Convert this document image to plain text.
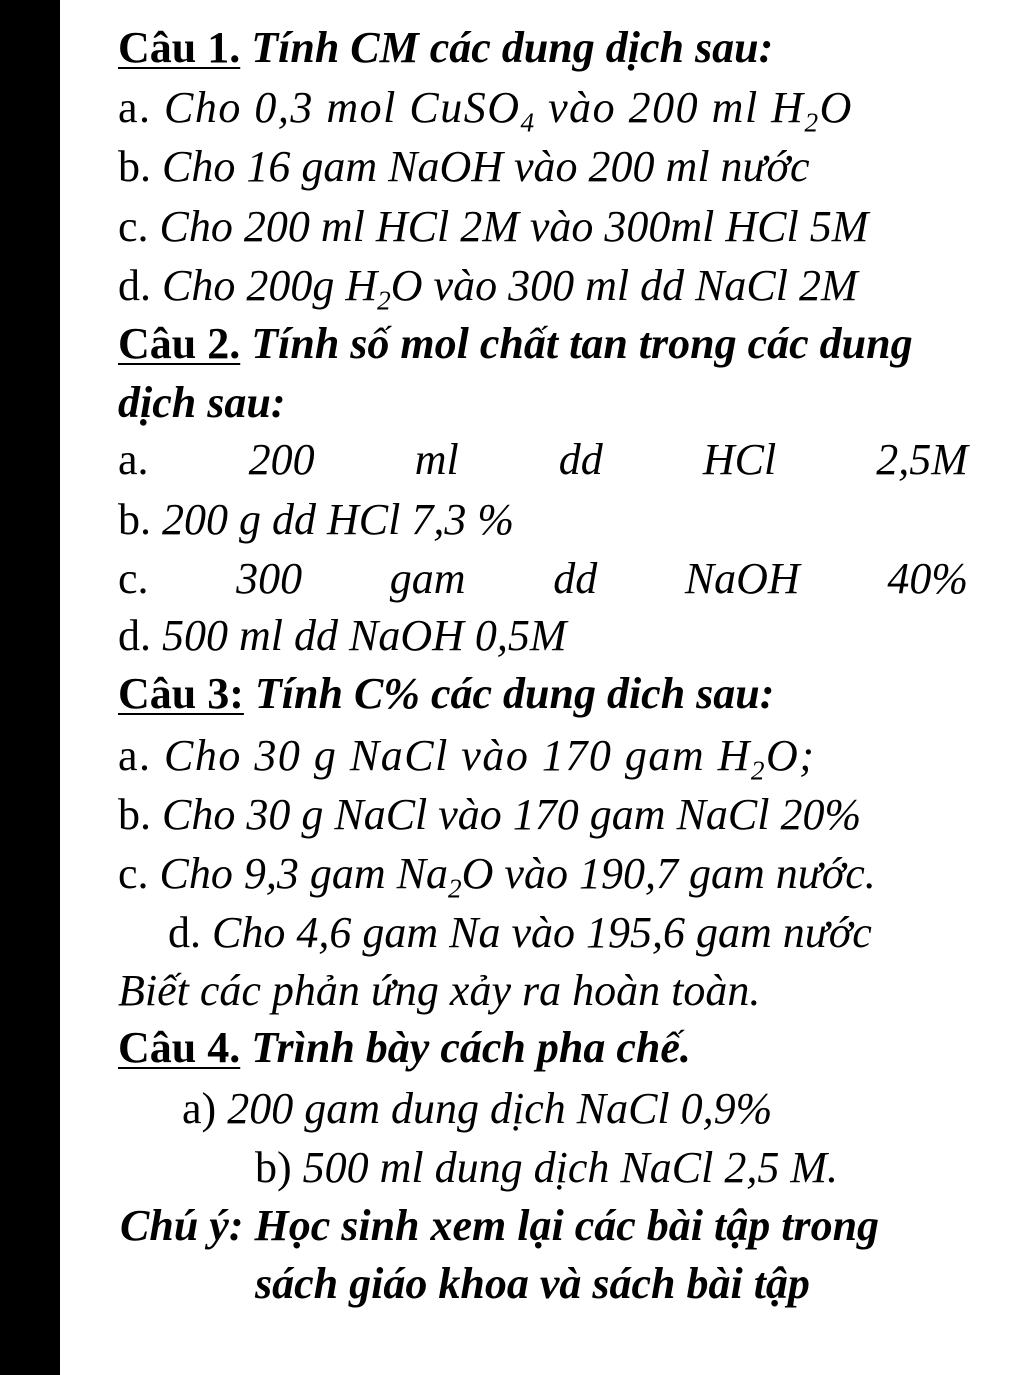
Câu 1. Tính CM các dung dịch sau:
a. Cho 0,3 mol CuSO$_4$ vào 200 ml $H_2O$
b. Cho 16 gam NaOH vào 200 ml nước
c. Cho 200 ml HCl 2M vào 300ml HCl 5M
d. Cho 200g $H_2O$ vào 300 ml dd NaCl 2M
Câu 2. Tính số mol chất tan trong các dung
dịch sau:
a. 200 ml dd HCl 2,5M
b. 200 g dd HCl 7,3 %
c. 300 gam dd NaOH 40%
d. 500 ml dd NaOH 0,5M
Câu 3: Tính C% các dung dich sau:
a. Cho 30 g NaCl vào 170 gam $H_2O$;
b. Cho 30 g NaCl vào 170 gam NaCl 20%
c. Cho 9,3 gam $Na_2O$ vào 190,7 gam nước.
d. Cho 4,6 gam Na vào 195,6 gam nước
Biết các phản ứng xảy ra hoàn toàn.
Câu 4. Trình bày cách pha chế.
a) 200 gam dung dịch NaCl 0,9%
b) 500 ml dung dịch NaCl 2,5 M.
Chú ý: Học sinh xem lại các bài tập trong
sách giáo khoa và sách bài tập
